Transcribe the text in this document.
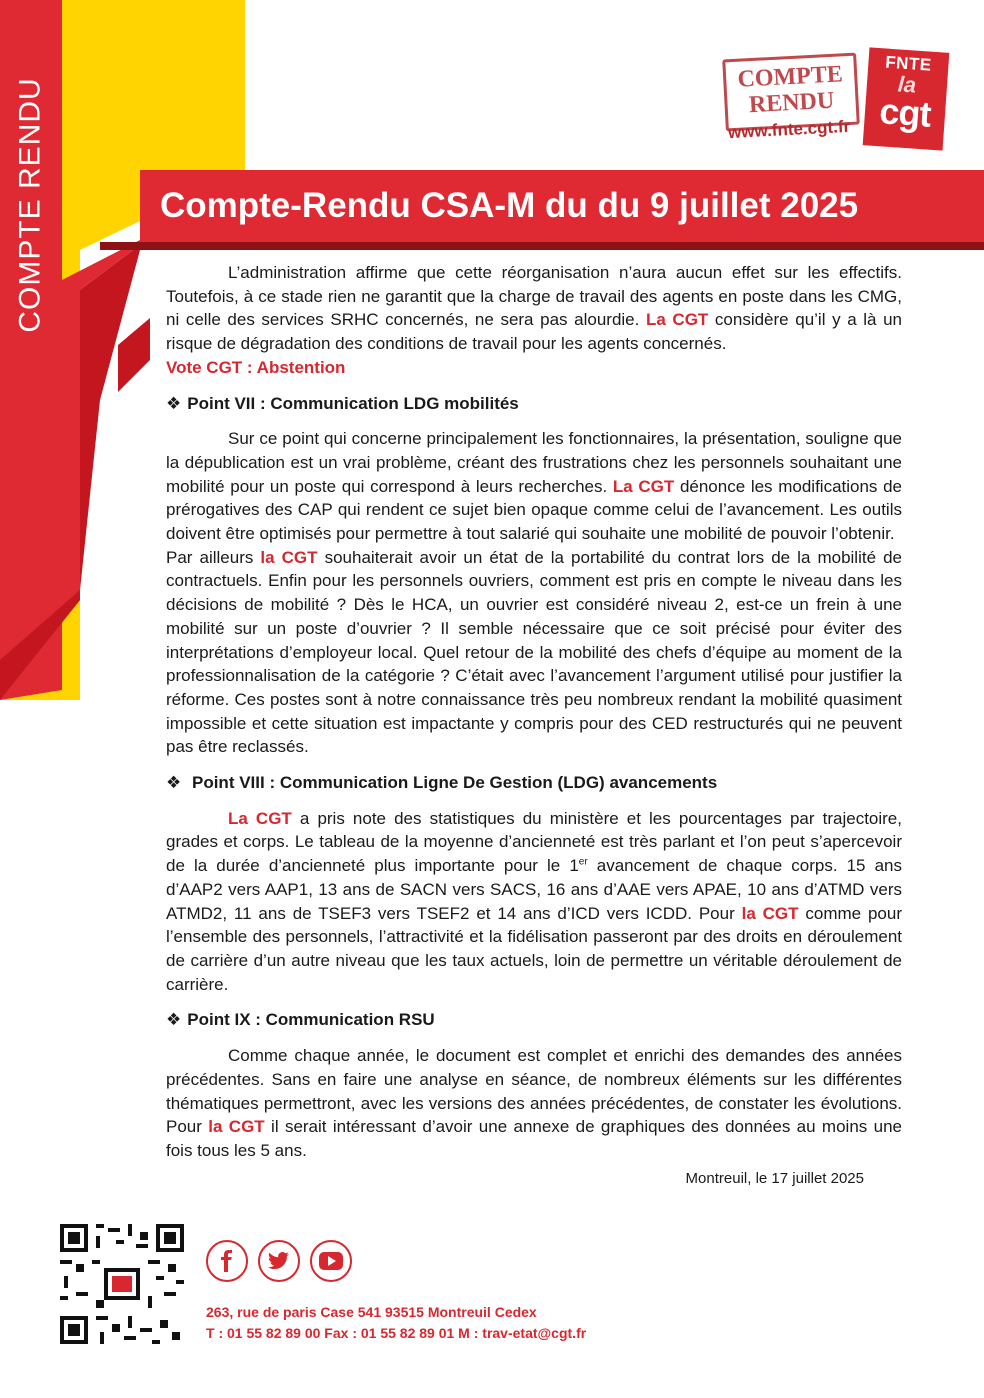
COMPTE RENDU
COMPTE
RENDU
www.fnte.cgt.fr
FNTE
la
cgt
Compte-Rendu CSA-M du du 9 juillet 2025

L’administration affirme que cette réorganisation n’aura aucun effet sur les effectifs. Toutefois, à ce stade rien ne garantit que la charge de travail des agents en poste dans les CMG, ni celle des services SRHC concernés, ne sera pas alourdie. La CGT considère qu’il y a là un risque de dégradation des conditions de travail pour les agents concernés.

Vote CGT : Abstention

❖ Point VII : Communication LDG mobilités

Sur ce point qui concerne principalement les fonctionnaires, la présentation, souligne que la dépublication est un vrai problème, créant des frustrations chez les personnels souhaitant une mobilité pour un poste qui correspond à leurs recherches. La CGT dénonce les modifications de prérogatives des CAP qui rendent ce sujet bien opaque comme celui de l’avancement. Les outils doivent être optimisés pour permettre à tout salarié qui souhaite une mobilité de pouvoir l’obtenir.

Par ailleurs la CGT souhaiterait avoir un état de la portabilité du contrat lors de la mobilité de contractuels. Enfin pour les personnels ouvriers, comment est pris en compte le niveau dans les décisions de mobilité ? Dès le HCA, un ouvrier est considéré niveau 2, est-ce un frein à une mobilité sur un poste d’ouvrier ? Il semble nécessaire que ce soit précisé pour éviter des interprétations d’employeur local. Quel retour de la mobilité des chefs d’équipe au moment de la professionnalisation de la catégorie ? C’était avec l’avancement l’argument utilisé pour justifier la réforme. Ces postes sont à notre connaissance très peu nombreux rendant la mobilité quasiment impossible et cette situation est impactante y compris pour des CED restructurés qui ne peuvent pas être reclassés.

❖ Point VIII : Communication Ligne De Gestion (LDG) avancements

La CGT a pris note des statistiques du ministère et les pourcentages par trajectoire, grades et corps. Le tableau de la moyenne d’ancienneté est très parlant et l’on peut s’apercevoir de la durée d’ancienneté plus importante pour le 1er avancement de chaque corps. 15 ans d’AAP2 vers AAP1, 13 ans de SACN vers SACS, 16 ans d’AAE vers APAE, 10 ans d’ATMD vers ATMD2, 11 ans de TSEF3 vers TSEF2 et 14 ans d’ICD vers ICDD. Pour la CGT comme pour l’ensemble des personnels, l’attractivité et la fidélisation passeront par des droits en déroulement de carrière d’un autre niveau que les taux actuels, loin de permettre un véritable déroulement de carrière.

❖ Point IX : Communication RSU

Comme chaque année, le document est complet et enrichi des demandes des années précédentes. Sans en faire une analyse en séance, de nombreux éléments sur les différentes thématiques permettront, avec les versions des années précédentes, de constater les évolutions. Pour la CGT il serait intéressant d’avoir une annexe de graphiques des données au moins une fois tous les 5 ans.

Montreuil, le 17 juillet 2025

263, rue de paris Case 541 93515 Montreuil Cedex
T : 01 55 82 89 00 Fax : 01 55 82 89 01 M : trav-etat@cgt.fr
